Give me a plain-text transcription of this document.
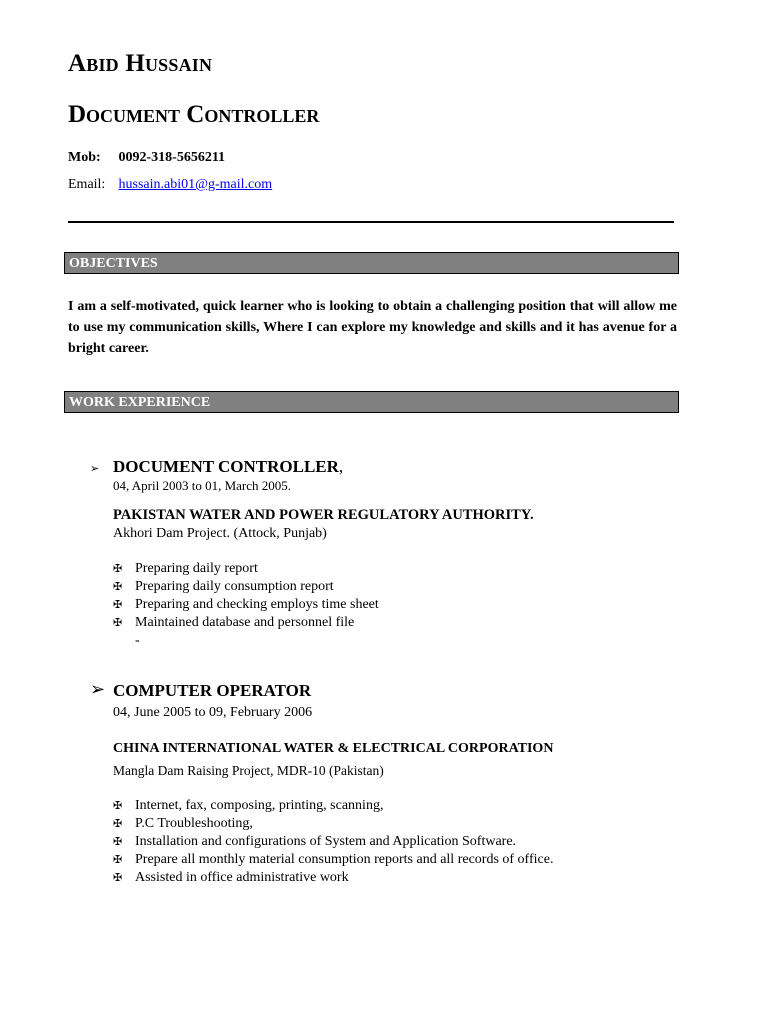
Abid Hussain
Document Controller
Mob: 0092-318-5656211
Email: hussain.abi01@g-mail.com
OBJECTIVES

I am a self-motivated, quick learner who is looking to obtain a challenging position that will allow me to use my communication skills, Where I can explore my knowledge and skills and it has avenue for a bright career.

WORK EXPERIENCE
➢ DOCUMENT CONTROLLER,
04, April 2003 to 01, March 2005.
PAKISTAN WATER AND POWER REGULATORY AUTHORITY.
Akhori Dam Project. (Attock, Punjab)
✠ Preparing daily report
✠ Preparing daily consumption report
✠ Preparing and checking employs time sheet
✠ Maintained database and personnel file
-
➢ COMPUTER OPERATOR
04, June 2005 to 09, February 2006
CHINA INTERNATIONAL WATER & ELECTRICAL CORPORATION
Mangla Dam Raising Project, MDR-10 (Pakistan)
✠ Internet, fax, composing, printing, scanning,
✠ P.C Troubleshooting,
✠ Installation and configurations of System and Application Software.
✠ Prepare all monthly material consumption reports and all records of office.
✠ Assisted in office administrative work
